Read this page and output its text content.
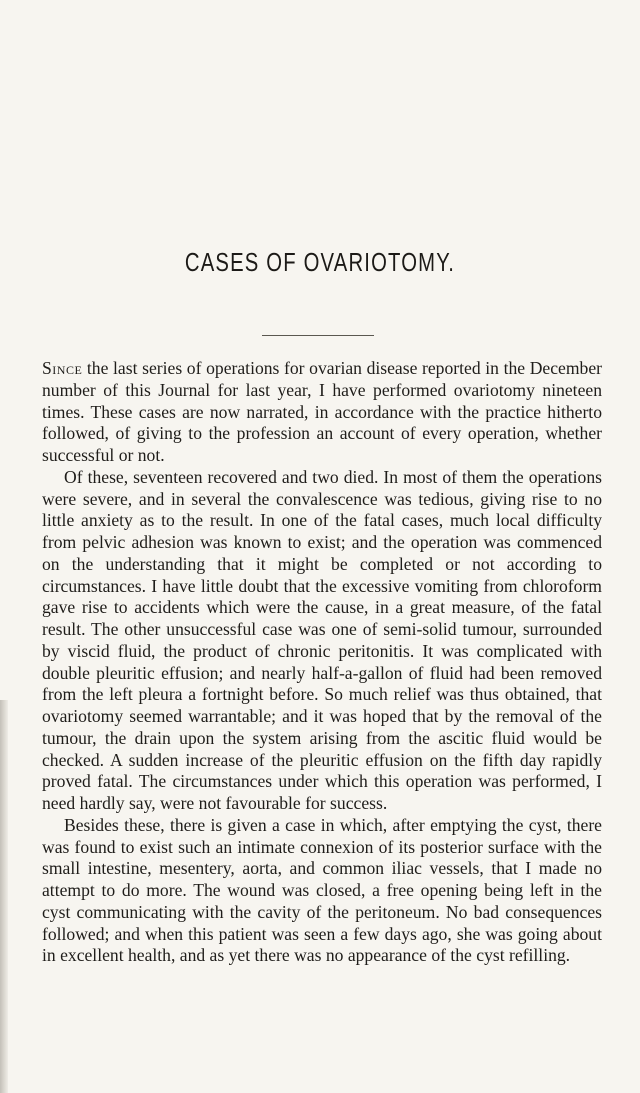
CASES OF OVARIOTOMY.

Since the last series of operations for ovarian disease reported in the December number of this Journal for last year, I have performed ovariotomy nineteen times. These cases are now narrated, in accordance with the practice hitherto followed, of giving to the profession an account of every operation, whether successful or not.

Of these, seventeen recovered and two died. In most of them the operations were severe, and in several the convalescence was tedious, giving rise to no little anxiety as to the result. In one of the fatal cases, much local difficulty from pelvic adhesion was known to exist; and the operation was commenced on the understanding that it might be completed or not according to circumstances. I have little doubt that the excessive vomiting from chloroform gave rise to accidents which were the cause, in a great measure, of the fatal result. The other unsuccessful case was one of semi-solid tumour, surrounded by viscid fluid, the product of chronic peritonitis. It was complicated with double pleuritic effusion; and nearly half-a-gallon of fluid had been removed from the left pleura a fortnight before. So much relief was thus obtained, that ovariotomy seemed warrantable; and it was hoped that by the removal of the tumour, the drain upon the system arising from the ascitic fluid would be checked. A sudden increase of the pleuritic effusion on the fifth day rapidly proved fatal. The circumstances under which this operation was performed, I need hardly say, were not favourable for success.

Besides these, there is given a case in which, after emptying the cyst, there was found to exist such an intimate connexion of its posterior surface with the small intestine, mesentery, aorta, and common iliac vessels, that I made no attempt to do more. The wound was closed, a free opening being left in the cyst communicating with the cavity of the peritoneum. No bad consequences followed; and when this patient was seen a few days ago, she was going about in excellent health, and as yet there was no appearance of the cyst refilling.
